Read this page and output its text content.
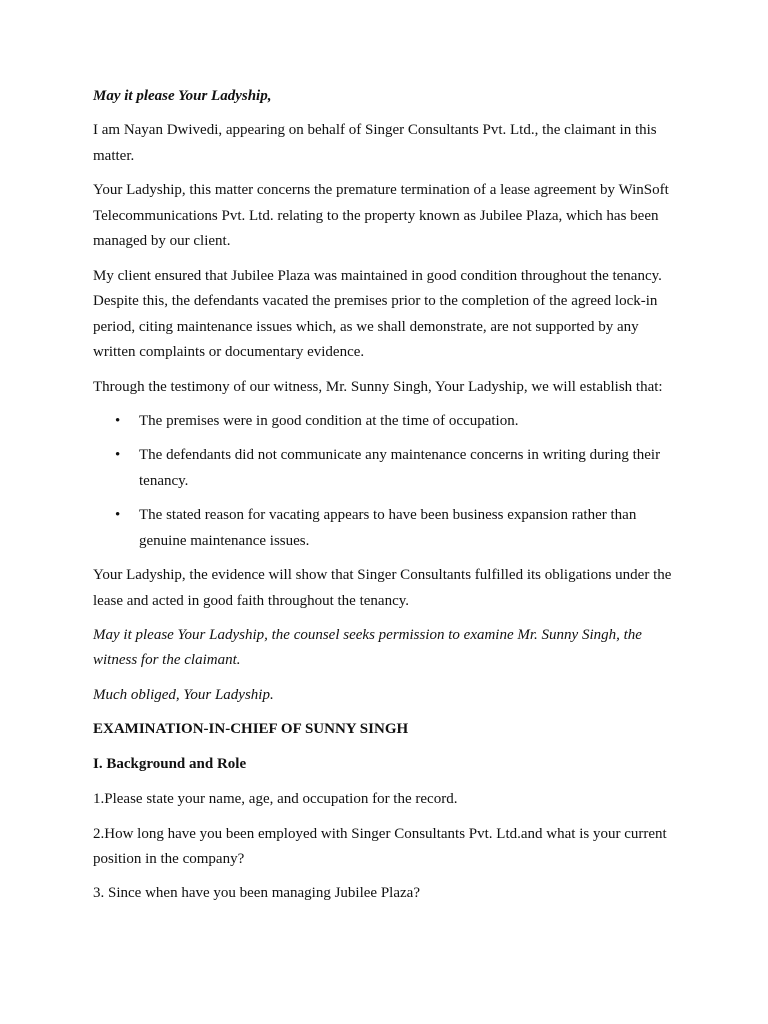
May it please Your Ladyship,

I am Nayan Dwivedi, appearing on behalf of Singer Consultants Pvt. Ltd., the claimant in this matter.

Your Ladyship, this matter concerns the premature termination of a lease agreement by WinSoft Telecommunications Pvt. Ltd. relating to the property known as Jubilee Plaza, which has been managed by our client.

My client ensured that Jubilee Plaza was maintained in good condition throughout the tenancy. Despite this, the defendants vacated the premises prior to the completion of the agreed lock-in period, citing maintenance issues which, as we shall demonstrate, are not supported by any written complaints or documentary evidence.

Through the testimony of our witness, Mr. Sunny Singh, Your Ladyship, we will establish that:

• The premises were in good condition at the time of occupation.
• The defendants did not communicate any maintenance concerns in writing during their tenancy.
• The stated reason for vacating appears to have been business expansion rather than genuine maintenance issues.

Your Ladyship, the evidence will show that Singer Consultants fulfilled its obligations under the lease and acted in good faith throughout the tenancy.

May it please Your Ladyship, the counsel seeks permission to examine Mr. Sunny Singh, the witness for the claimant.

Much obliged, Your Ladyship.

EXAMINATION-IN-CHIEF OF SUNNY SINGH

I. Background and Role

1.Please state your name, age, and occupation for the record.

2.How long have you been employed with Singer Consultants Pvt. Ltd.and what is your current position in the company?

3. Since when have you been managing Jubilee Plaza?
